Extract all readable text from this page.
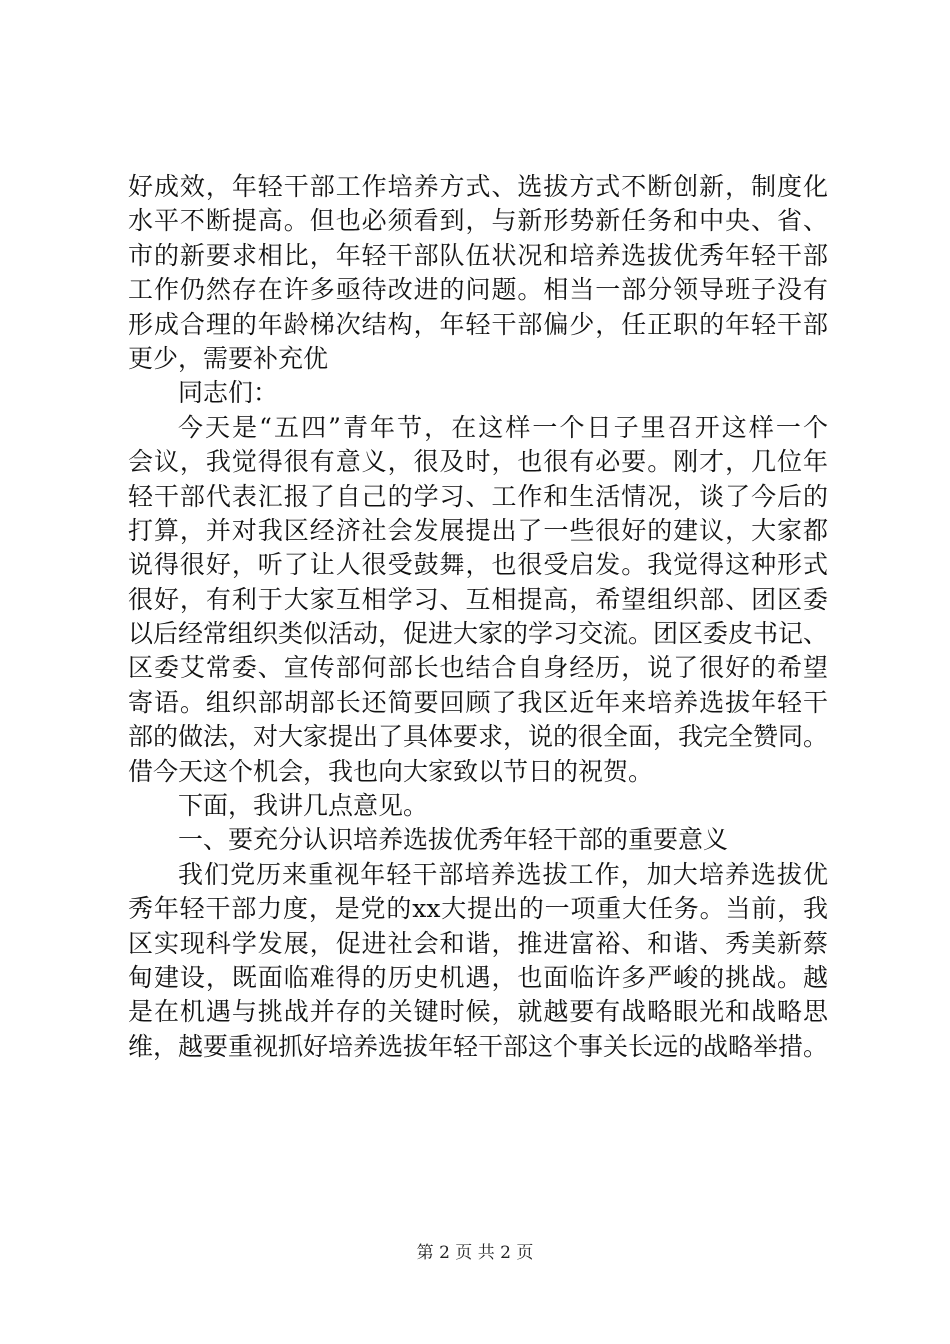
好成效，年轻干部工作培养方式、选拔方式不断创新，制度化
水平不断提高。但也必须看到，与新形势新任务和中央、省、
市的新要求相比，年轻干部队伍状况和培养选拔优秀年轻干部
工作仍然存在许多亟待改进的问题。相当一部分领导班子没有
形成合理的年龄梯次结构，年轻干部偏少，任正职的年轻干部
更少，需要补充优
同志们：
今天是“五四”青年节，在这样一个日子里召开这样一个
会议，我觉得很有意义，很及时，也很有必要。刚才，几位年
轻干部代表汇报了自己的学习、工作和生活情况，谈了今后的
打算，并对我区经济社会发展提出了一些很好的建议，大家都
说得很好，听了让人很受鼓舞，也很受启发。我觉得这种形式
很好，有利于大家互相学习、互相提高，希望组织部、团区委
以后经常组织类似活动，促进大家的学习交流。团区委皮书记、
区委艾常委、宣传部何部长也结合自身经历，说了很好的希望
寄语。组织部胡部长还简要回顾了我区近年来培养选拔年轻干
部的做法，对大家提出了具体要求，说的很全面，我完全赞同。
借今天这个机会，我也向大家致以节日的祝贺。
下面，我讲几点意见。
一、要充分认识培养选拔优秀年轻干部的重要意义
我们党历来重视年轻干部培养选拔工作，加大培养选拔优
秀年轻干部力度，是党的xx大提出的一项重大任务。当前，我
区实现科学发展，促进社会和谐，推进富裕、和谐、秀美新蔡
甸建设，既面临难得的历史机遇，也面临许多严峻的挑战。越
是在机遇与挑战并存的关键时候，就越要有战略眼光和战略思
维，越要重视抓好培养选拔年轻干部这个事关长远的战略举措。
第 2 页 共 2 页
